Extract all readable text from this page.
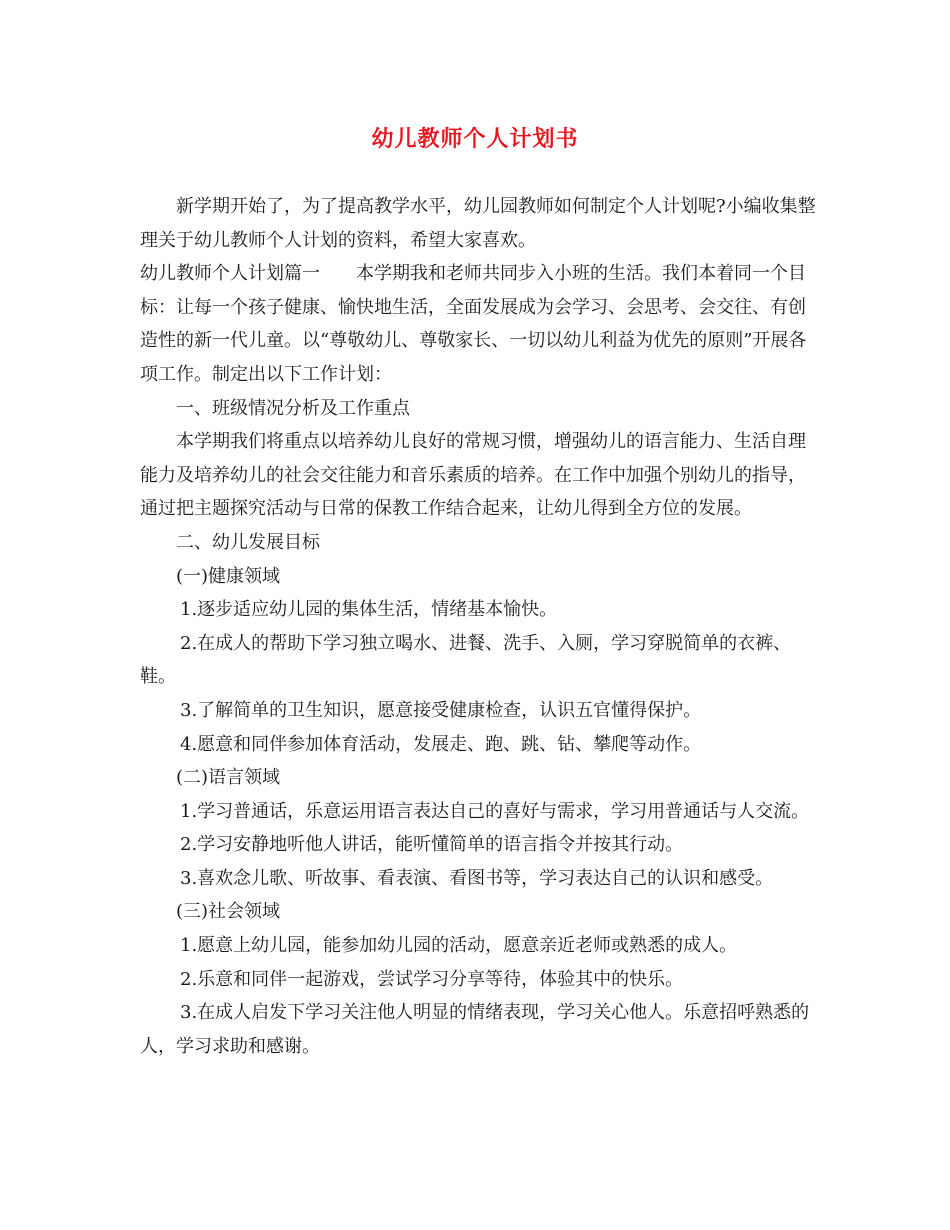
幼儿教师个人计划书

新学期开始了，为了提高教学水平，幼儿园教师如何制定个人计划呢?小编收集整理关于幼儿教师个人计划的资料，希望大家喜欢。

幼儿教师个人计划篇一　　本学期我和老师共同步入小班的生活。我们本着同一个目标：让每一个孩子健康、愉快地生活，全面发展成为会学习、会思考、会交往、有创造性的新一代儿童。以“尊敬幼儿、尊敬家长、一切以幼儿利益为优先的原则”开展各项工作。制定出以下工作计划：

一、班级情况分析及工作重点

本学期我们将重点以培养幼儿良好的常规习惯，增强幼儿的语言能力、生活自理能力及培养幼儿的社会交往能力和音乐素质的培养。在工作中加强个别幼儿的指导，通过把主题探究活动与日常的保教工作结合起来，让幼儿得到全方位的发展。

二、幼儿发展目标

(一)健康领域

1.逐步适应幼儿园的集体生活，情绪基本愉快。

2.在成人的帮助下学习独立喝水、进餐、洗手、入厕，学习穿脱简单的衣裤、鞋。

3.了解简单的卫生知识，愿意接受健康检查，认识五官懂得保护。

4.愿意和同伴参加体育活动，发展走、跑、跳、钻、攀爬等动作。

(二)语言领域

1.学习普通话，乐意运用语言表达自己的喜好与需求，学习用普通话与人交流。

2.学习安静地听他人讲话，能听懂简单的语言指令并按其行动。

3.喜欢念儿歌、听故事、看表演、看图书等，学习表达自己的认识和感受。

(三)社会领域

1.愿意上幼儿园，能参加幼儿园的活动，愿意亲近老师或熟悉的成人。

2.乐意和同伴一起游戏，尝试学习分享等待，体验其中的快乐。

3.在成人启发下学习关注他人明显的情绪表现，学习关心他人。乐意招呼熟悉的人，学习求助和感谢。
